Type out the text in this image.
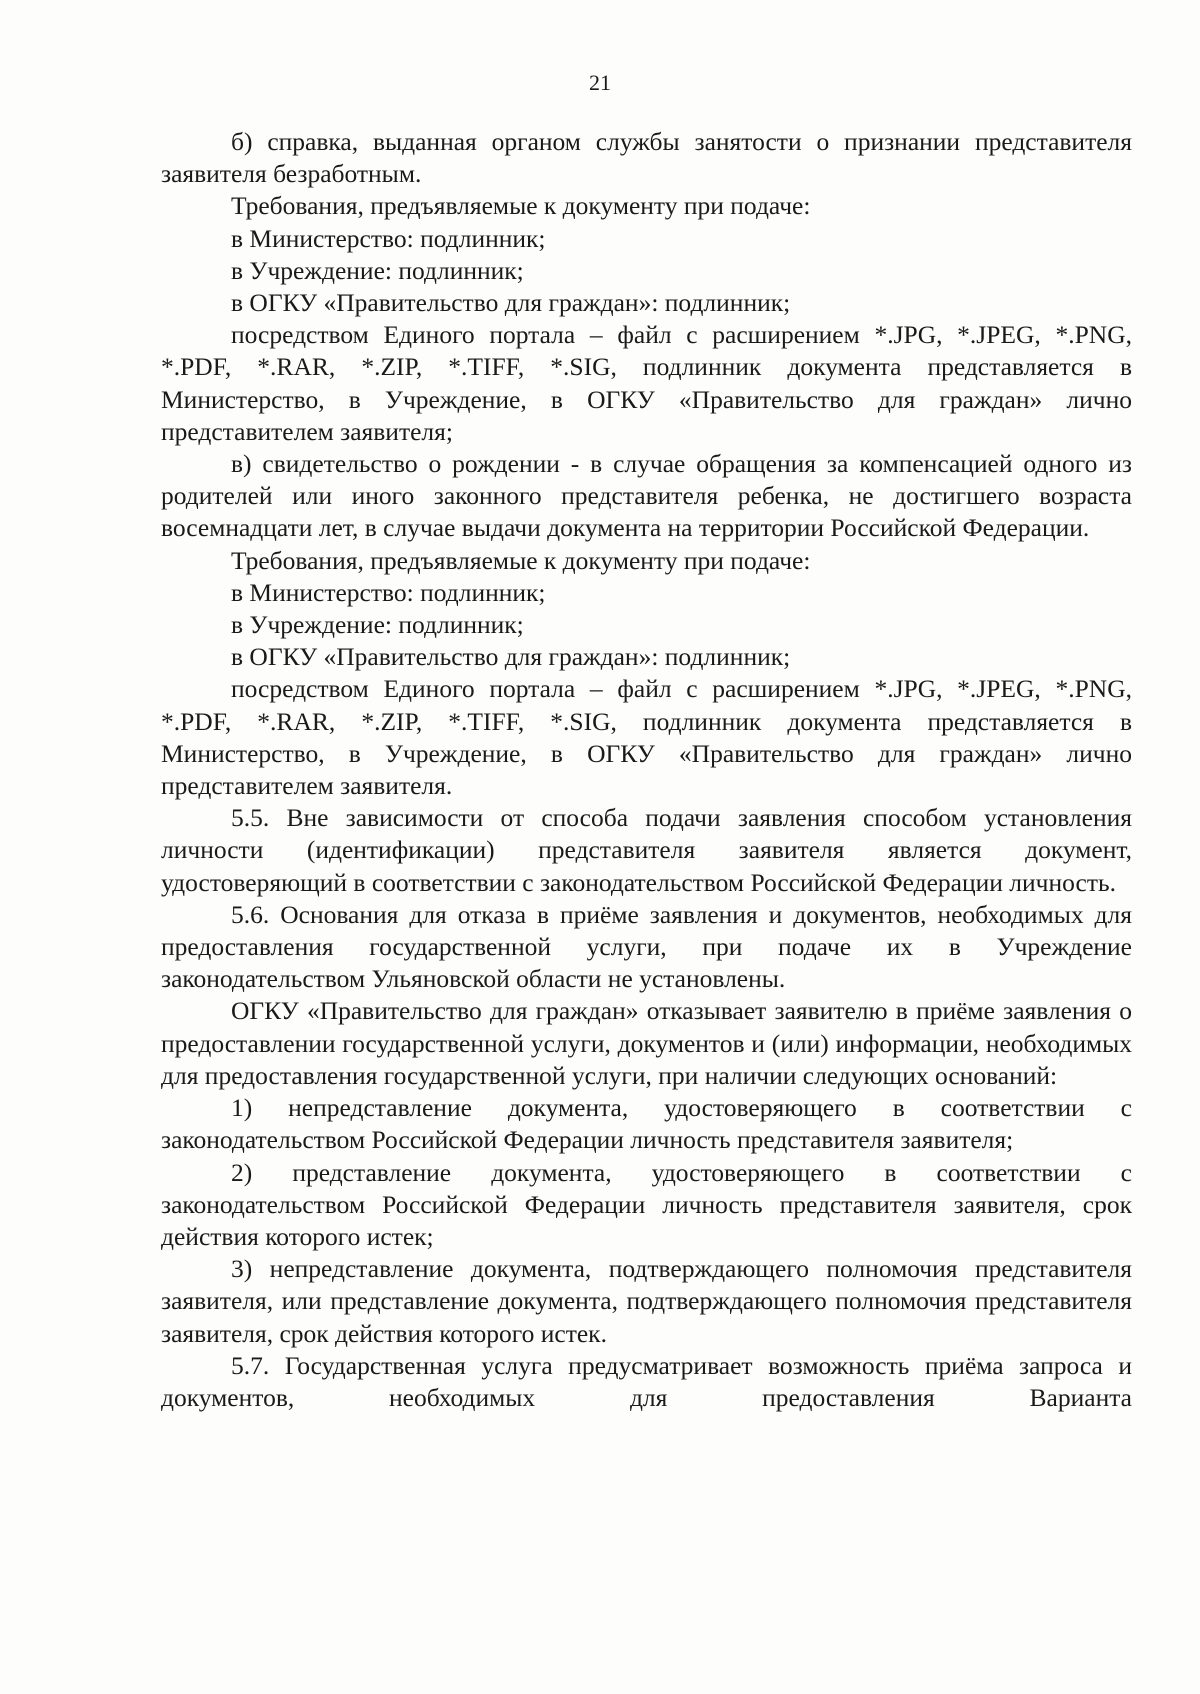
21

б) справка, выданная органом службы занятости о признании представителя заявителя безработным.

Требования, предъявляемые к документу при подаче:

в Министерство: подлинник;

в Учреждение: подлинник;

в ОГКУ «Правительство для граждан»: подлинник;

посредством Единого портала – файл с расширением *.JPG, *.JPEG, *.PNG, *.PDF, *.RAR, *.ZIP, *.TIFF, *.SIG, подлинник документа представляется в Министерство, в Учреждение, в ОГКУ «Правительство для граждан» лично представителем заявителя;

в) свидетельство о рождении - в случае обращения за компенсацией одного из родителей или иного законного представителя ребенка, не достигшего возраста восемнадцати лет, в случае выдачи документа на территории Российской Федерации.

Требования, предъявляемые к документу при подаче:

в Министерство: подлинник;

в Учреждение: подлинник;

в ОГКУ «Правительство для граждан»: подлинник;

посредством Единого портала – файл с расширением *.JPG, *.JPEG, *.PNG, *.PDF, *.RAR, *.ZIP, *.TIFF, *.SIG, подлинник документа представляется в Министерство, в Учреждение, в ОГКУ «Правительство для граждан» лично представителем заявителя.

5.5. Вне зависимости от способа подачи заявления способом установления личности (идентификации) представителя заявителя является документ, удостоверяющий в соответствии с законодательством Российской Федерации личность.

5.6. Основания для отказа в приёме заявления и документов, необходимых для предоставления государственной услуги, при подаче их в Учреждение законодательством Ульяновской области не установлены.

ОГКУ «Правительство для граждан» отказывает заявителю в приёме заявления о предоставлении государственной услуги, документов и (или) информации, необходимых для предоставления государственной услуги, при наличии следующих оснований:

1) непредставление документа, удостоверяющего в соответствии с законодательством Российской Федерации личность представителя заявителя;

2) представление документа, удостоверяющего в соответствии с законодательством Российской Федерации личность представителя заявителя, срок действия которого истек;

3) непредставление документа, подтверждающего полномочия представителя заявителя, или представление документа, подтверждающего полномочия представителя заявителя, срок действия которого истек.

5.7. Государственная услуга предусматривает возможность приёма запроса и документов, необходимых для предоставления Варианта
